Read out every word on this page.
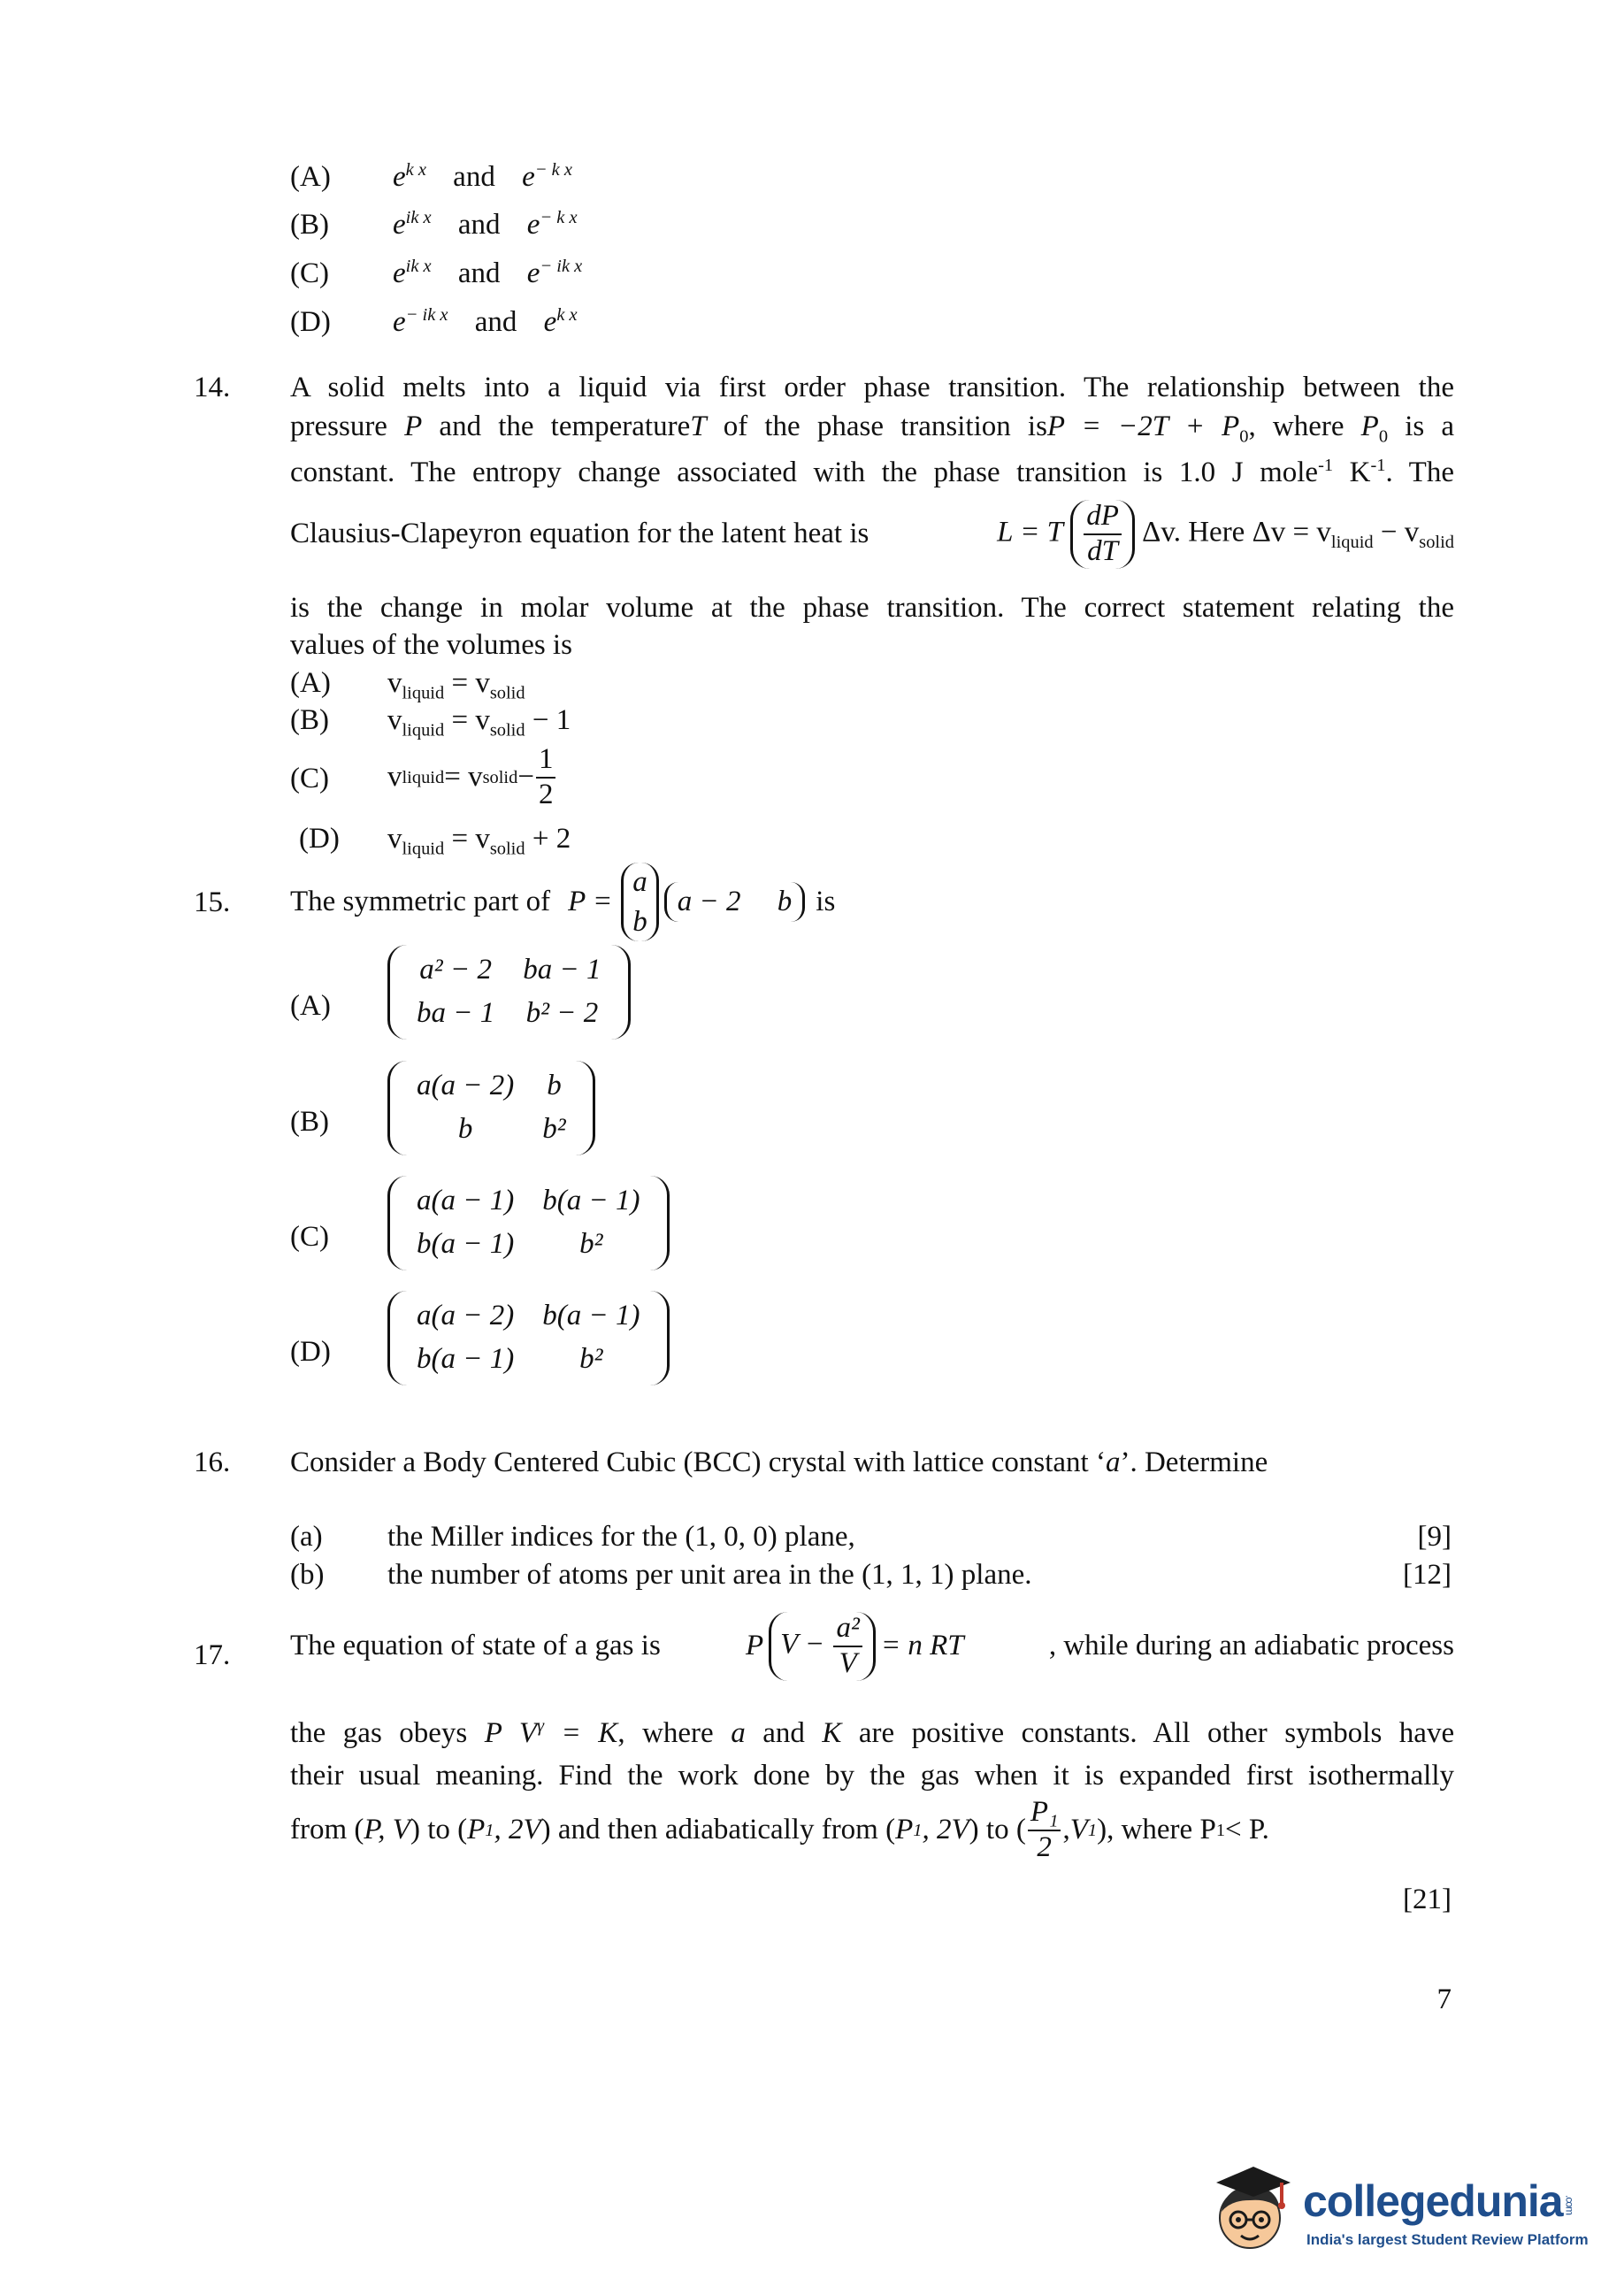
(A) $e^{k x}$ and $e^{- k x}$
(B) $e^{ik x}$ and $e^{- k x}$
(C) $e^{ik x}$ and $e^{- ik x}$
(D) $e^{- ik x}$ and $e^{k x}$
14. A solid melts into a liquid via first order phase transition. The relationship between the
pressure P and the temperatureT of the phase transition isP = $-2T + P_0$, where $P_0$ is a
constant. The entropy change associated with the phase transition is 1.0 J mole$^{-1}$ $K^{-1}$. The
Clausius-Clapeyron equation for the latent heat is	L = T $\frac{dP}{dT} \Delta v$. Here $\Delta v = v_{liquid} - v_{solid}$
is the change in molar volume at the phase transition. The correct statement relating the
values of the volumes is
(A) $v_{liquid} = v_{solid}$
(B) $v_{liquid} = v_{solid} - 1$
(C) v liquid = v solid − $\frac{1}{2}$
(D) $v_{liquid} = v_{solid} + 2$
15. The symmetric part of P =
a
b
a − 2     b is
(A)
a² − 2	ba − 1
ba − 1	b² − 2
(B)
a(a − 2)	b
b	b²
(C)
a(a − 1)	b(a − 1)
b(a − 1)	b²
(D)
a(a − 2)	b(a − 1)
b(a − 1)	b²
16. Consider a Body Centered Cubic (BCC) crystal with lattice constant ‘a’. Determine
(a) the Miller indices for the (1, 0, 0) plane,	[9]
(b) the number of atoms per unit area in the (1, 1, 1) plane.	[12]
17. The equation of state of a gas is	P $V - \frac{\text{a²}}{V} = n$ RT	, while during an adiabatic process
the gas obeys P $V^\gamma = K$, where a and K are positive constants. All other symbols have
their usual meaning. Find the work done by the gas when it is expanded first isothermally
from ( P, V ) to ( P 1 , 2V ) and then adiabatically from ( P 1 , 2V ) to ( $\frac{\text{P₁}}{2}$ , V 1 ), where P 1 < P.
[21]
7
collegedunia.com
India's largest Student Review Platform
